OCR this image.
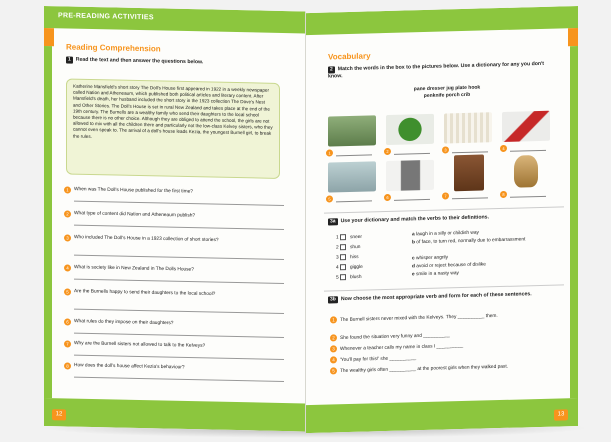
PRE-READING ACTIVITIES
Reading Comprehension
1 Read the text and then answer the questions below.
Katherine Mansfield's short story The Doll's House first appeared in 1922 in a weekly newspaper called Nation and Atheneaum, which published both political articles and literary content. After Mansfield's death, her husband included the short story in the 1923 collection The Dove's Nest and Other Stories. The Doll's House is set in rural New Zealand and takes place at the end of the 19th century. The Burnells are a wealthy family who send their daughters to the local school because there is no other choice. Although they are obliged to attend the school, the girls are not allowed to mix with all the children there and particularly not the low-class Kelvey sisters, who they cannot even speak to. The arrival of a doll's house leads Kezia, the youngest Burnell girl, to break the rules.
1 When was The Doll's House published for the first time?
2 What type of content did Nation and Atheneaum publish?
3 Who included The Doll's House in a 1923 collection of short stories?
4 What is society like in New Zealand in The Dolls House?
5 Are the Burnells happy to send their daughters to the local school?
6 What rules do they impose on their daughters?
7 Why are the Burnell sisters not allowed to talk to the Kelveys?
8 How does the doll's house affect Kezia's behaviour?
12
Vocabulary
2 Match the words in the box to the pictures below. Use a dictionary for any you don't know.
pane dresser jug plate hook
penknife porch crib
1	2	3	4
5	6	7	8
3a Use your dictionary and match the verbs to their definitions.
1 sneer
2 shun
3 hiss
4 giggle
5 blush
a laugh in a silly or childish way
b of face, to turn red, normally due to embarrassment
c whisper angrily
d avoid or reject because of dislike
e smile in a nasty way
3b Now choose the most appropriate verb and form for each of these sentences.
1 The Burnell sisters never mixed with the Kelveys. They __________ them.
2 She found the situation very funny and __________
3 Whenever a teacher calls my name in class I __________
4 'You'll pay for this!' she __________
5 The wealthy girls often __________ at the poorest girls when they walked past.
13
